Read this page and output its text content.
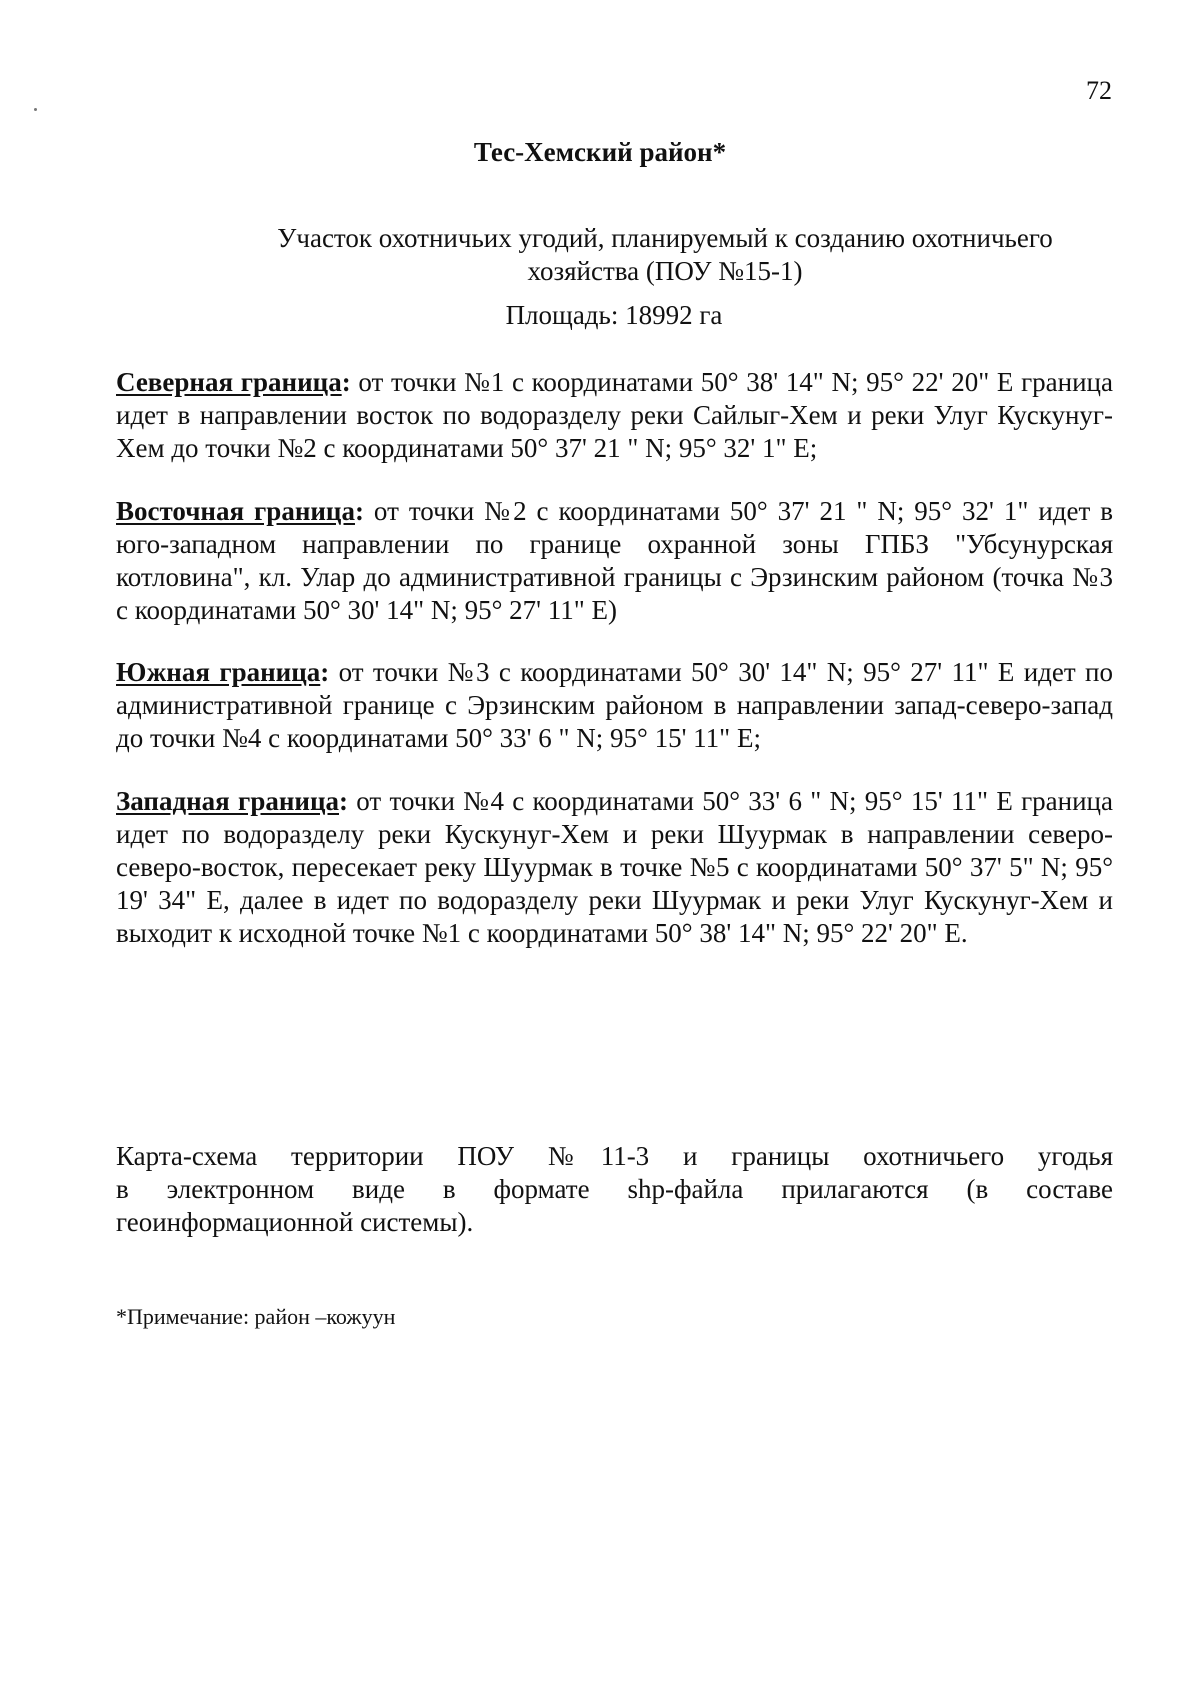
72
Тес-Хемский район*
Участок охотничьих угодий, планируемый к созданию охотничьего
хозяйства (ПОУ №15-1)
Площадь: 18992 га
Северная граница: от точки №1 с координатами 50° 38' 14" N; 95° 22' 20" E граница идет в направлении восток по водоразделу реки Сайлыг-Хем и реки Улуг Кускунуг-Хем до точки №2 с координатами 50° 37' 21 " N; 95° 32' 1" E;
Восточная граница: от точки №2 с координатами 50° 37' 21 " N; 95° 32' 1" идет в юго-западном направлении по границе охранной зоны ГПБЗ "Убсунурская котловина", кл. Улар до административной границы с Эрзинским районом (точка №3 с координатами 50° 30' 14" N; 95° 27' 11" E)
Южная граница: от точки №3 с координатами 50° 30' 14" N; 95° 27' 11" E идет по административной границе с Эрзинским районом в направлении запад-северо-запад до точки №4 с координатами 50° 33' 6 " N; 95° 15' 11" E;
Западная граница: от точки №4 с координатами 50° 33' 6 " N; 95° 15' 11" E граница идет по водоразделу реки Кускунуг-Хем и реки Шуурмак в направлении северо-северо-восток, пересекает реку Шуурмак в точке №5 с координатами 50° 37' 5" N; 95° 19' 34" E, далее в идет по водоразделу реки Шуурмак и реки Улуг Кускунуг-Хем и выходит к исходной точке №1 с координатами 50° 38' 14" N; 95° 22' 20" E.
Карта-схема территории ПОУ №11-3 и границы охотничьего угодья
в электронном виде в формате shp-файла прилагаются (в составе
геоинформационной системы).
*Примечание: район –кожуун
